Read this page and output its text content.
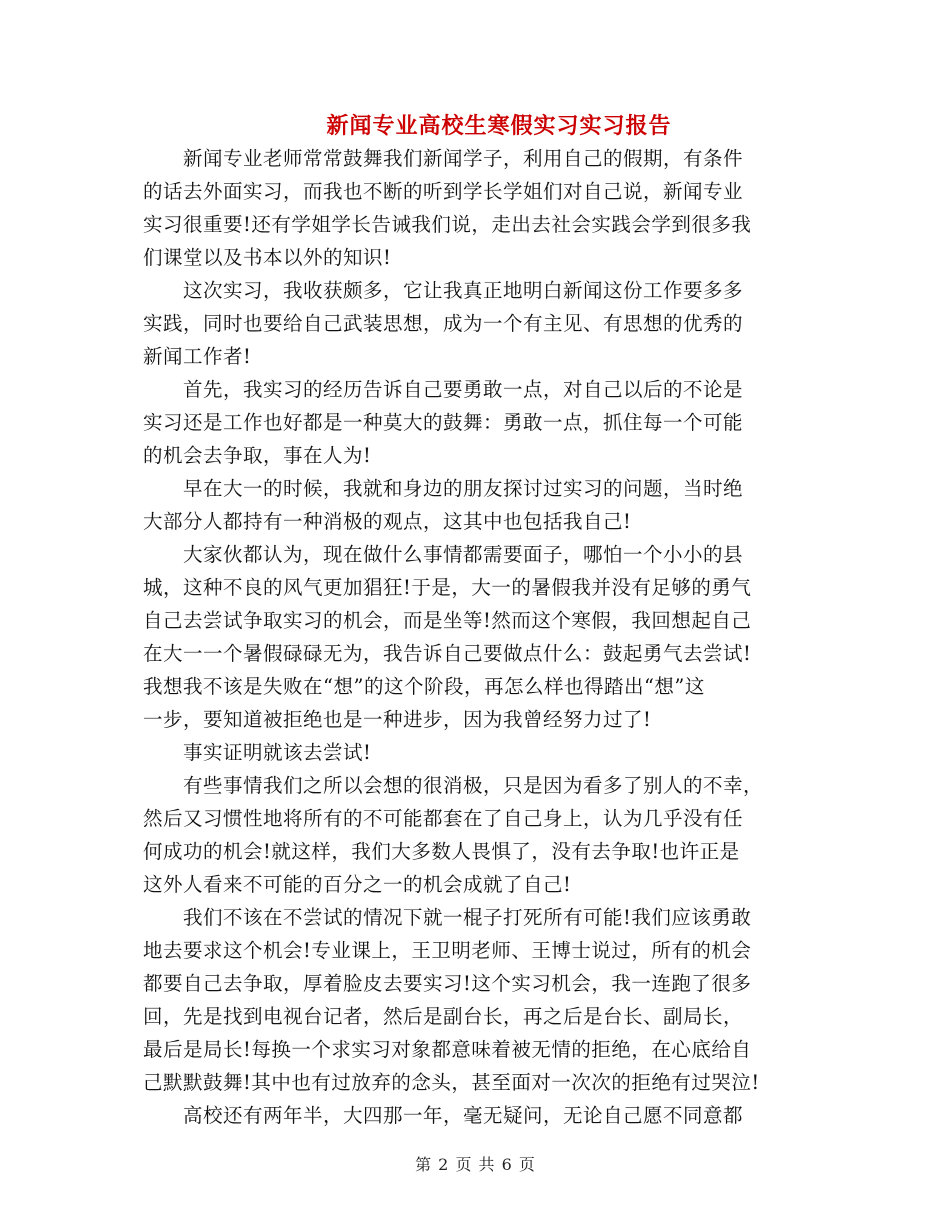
新闻专业高校生寒假实习实习报告
　　新闻专业老师常常鼓舞我们新闻学子，利用自己的假期，有条件
的话去外面实习，而我也不断的听到学长学姐们对自己说，新闻专业
实习很重要!还有学姐学长告诫我们说，走出去社会实践会学到很多我
们课堂以及书本以外的知识!
　　这次实习，我收获颇多，它让我真正地明白新闻这份工作要多多
实践，同时也要给自己武装思想，成为一个有主见、有思想的优秀的
新闻工作者!
　　首先，我实习的经历告诉自己要勇敢一点，对自己以后的不论是
实习还是工作也好都是一种莫大的鼓舞：勇敢一点，抓住每一个可能
的机会去争取，事在人为!
　　早在大一的时候，我就和身边的朋友探讨过实习的问题，当时绝
大部分人都持有一种消极的观点，这其中也包括我自己!
　　大家伙都认为，现在做什么事情都需要面子，哪怕一个小小的县
城，这种不良的风气更加猖狂!于是，大一的暑假我并没有足够的勇气
自己去尝试争取实习的机会，而是坐等!然而这个寒假，我回想起自己
在大一一个暑假碌碌无为，我告诉自己要做点什么：鼓起勇气去尝试!
我想我不该是失败在“想”的这个阶段，再怎么样也得踏出“想”这
一步，要知道被拒绝也是一种进步，因为我曾经努力过了!
　　事实证明就该去尝试!
　　有些事情我们之所以会想的很消极，只是因为看多了别人的不幸，
然后又习惯性地将所有的不可能都套在了自己身上，认为几乎没有任
何成功的机会!就这样，我们大多数人畏惧了，没有去争取!也许正是
这外人看来不可能的百分之一的机会成就了自己!
　　我们不该在不尝试的情况下就一棍子打死所有可能!我们应该勇敢
地去要求这个机会!专业课上，王卫明老师、王博士说过，所有的机会
都要自己去争取，厚着脸皮去要实习!这个实习机会，我一连跑了很多
回，先是找到电视台记者，然后是副台长，再之后是台长、副局长，
最后是局长!每换一个求实习对象都意味着被无情的拒绝，在心底给自
己默默鼓舞!其中也有过放弃的念头，甚至面对一次次的拒绝有过哭泣!
　　高校还有两年半，大四那一年，毫无疑问，无论自己愿不同意都
第 2 页 共 6 页
